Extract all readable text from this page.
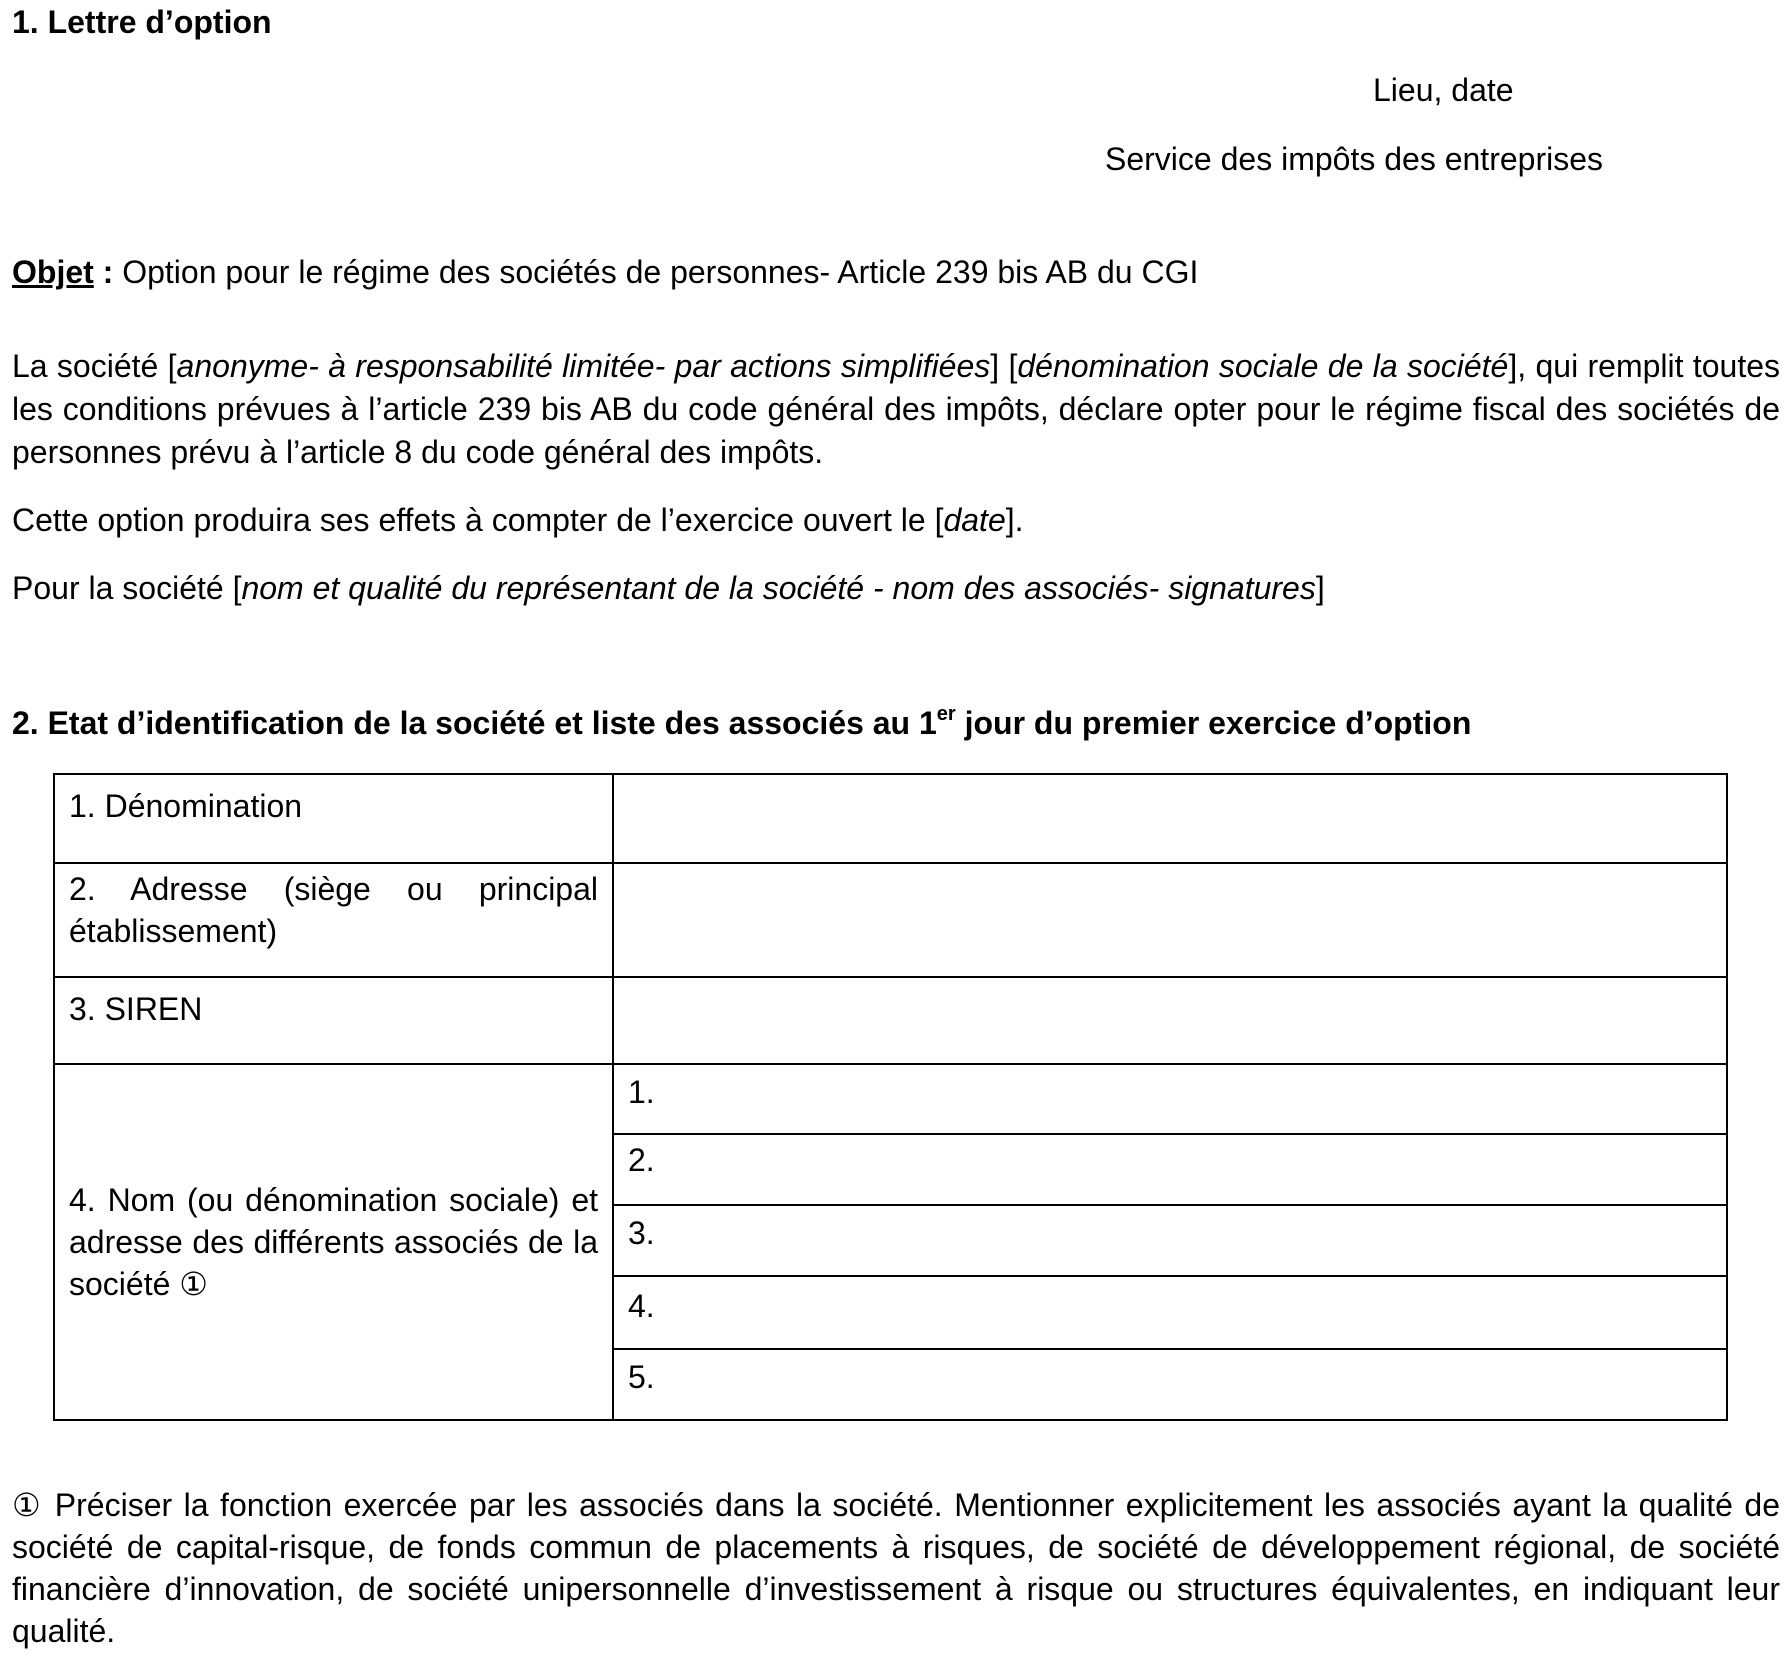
1. Lettre d’option
Lieu, date
Service des impôts des entreprises
Objet : Option pour le régime des sociétés de personnes- Article 239 bis AB du CGI
La société [anonyme- à responsabilité limitée- par actions simplifiées] [dénomination sociale de la société], qui remplit toutes les conditions prévues à l’article 239 bis AB du code général des impôts, déclare opter pour le régime fiscal des sociétés de personnes prévu à l’article 8 du code général des impôts.
Cette option produira ses effets à compter de l’exercice ouvert le [date].
Pour la société [nom et qualité du représentant de la société - nom des associés- signatures]
2. Etat d’identification de la société et liste des associés au 1er jour du premier exercice d’option
1. Dénomination	
2. Adresse (siège ou principal établissement)	
3. SIREN	
4. Nom (ou dénomination sociale) et adresse des différents associés de la société ①	1.
	2.
	3.
	4.
	5.
① Préciser la fonction exercée par les associés dans la société. Mentionner explicitement les associés ayant la qualité de société de capital-risque, de fonds commun de placements à risques, de société de développement régional, de société financière d’innovation, de société unipersonnelle d’investissement à risque ou structures équivalentes, en indiquant leur qualité.
